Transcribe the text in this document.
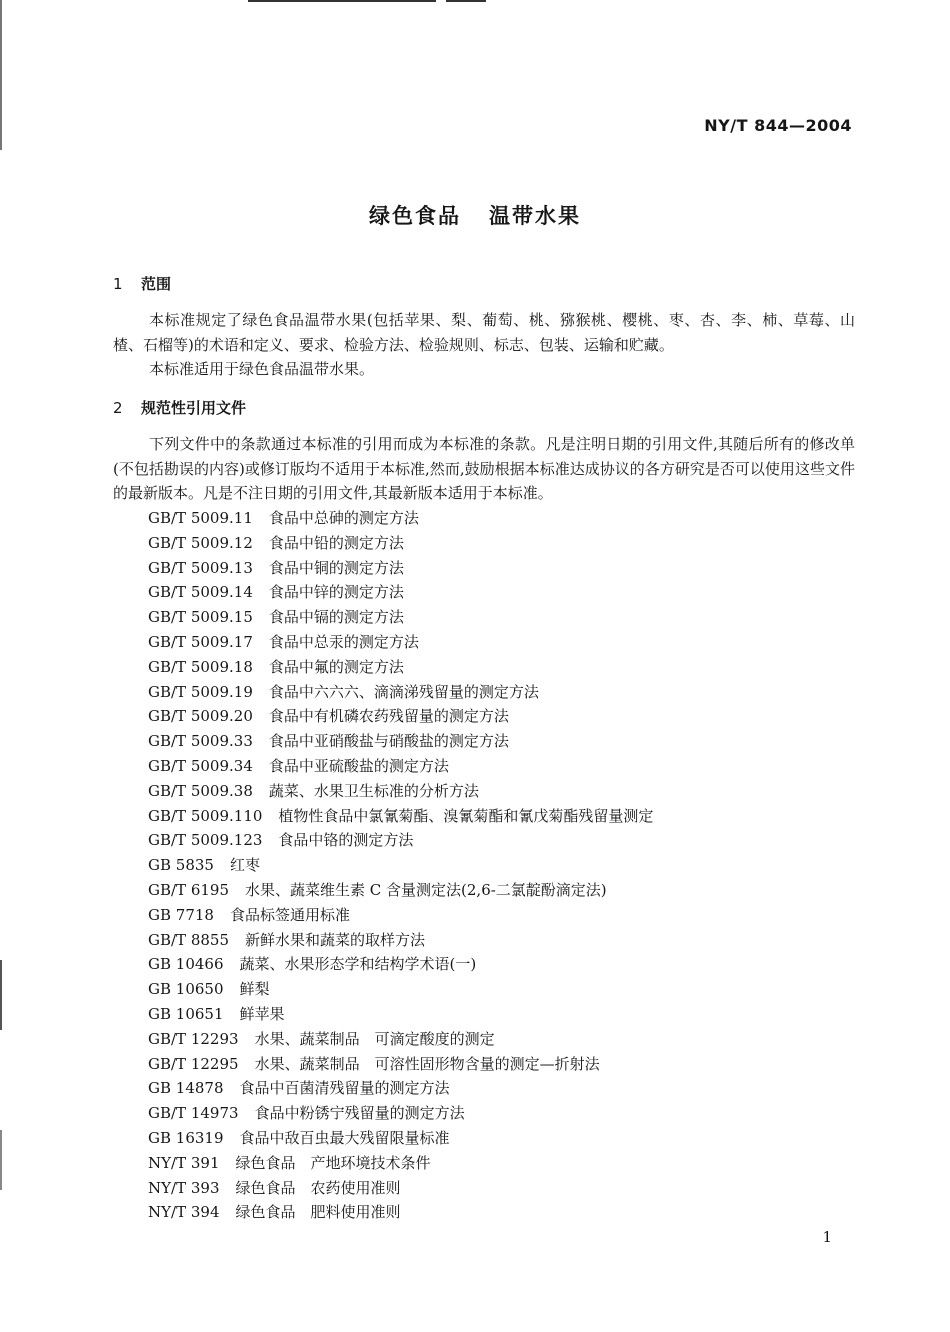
NY/T 844—2004
绿色食品 温带水果
1 范围
本标准规定了绿色食品温带水果(包括苹果、梨、葡萄、桃、猕猴桃、樱桃、枣、杏、李、柿、草莓、山楂、石榴等)的术语和定义、要求、检验方法、检验规则、标志、包装、运输和贮藏。
本标准适用于绿色食品温带水果。
2 规范性引用文件
下列文件中的条款通过本标准的引用而成为本标准的条款。凡是注明日期的引用文件,其随后所有的修改单(不包括勘误的内容)或修订版均不适用于本标准,然而,鼓励根据本标准达成协议的各方研究是否可以使用这些文件的最新版本。凡是不注日期的引用文件,其最新版本适用于本标准。
GB/T 5009.11 食品中总砷的测定方法
GB/T 5009.12 食品中铅的测定方法
GB/T 5009.13 食品中铜的测定方法
GB/T 5009.14 食品中锌的测定方法
GB/T 5009.15 食品中镉的测定方法
GB/T 5009.17 食品中总汞的测定方法
GB/T 5009.18 食品中氟的测定方法
GB/T 5009.19 食品中六六六、滴滴涕残留量的测定方法
GB/T 5009.20 食品中有机磷农药残留量的测定方法
GB/T 5009.33 食品中亚硝酸盐与硝酸盐的测定方法
GB/T 5009.34 食品中亚硫酸盐的测定方法
GB/T 5009.38 蔬菜、水果卫生标准的分析方法
GB/T 5009.110 植物性食品中氯氰菊酯、溴氰菊酯和氰戊菊酯残留量测定
GB/T 5009.123 食品中铬的测定方法
GB 5835 红枣
GB/T 6195 水果、蔬菜维生素 C 含量测定法(2,6-二氯靛酚滴定法)
GB 7718 食品标签通用标准
GB/T 8855 新鲜水果和蔬菜的取样方法
GB 10466 蔬菜、水果形态学和结构学术语(一)
GB 10650 鲜梨
GB 10651 鲜苹果
GB/T 12293 水果、蔬菜制品　可滴定酸度的测定
GB/T 12295 水果、蔬菜制品　可溶性固形物含量的测定—折射法
GB 14878 食品中百菌清残留量的测定方法
GB/T 14973 食品中粉锈宁残留量的测定方法
GB 16319 食品中敌百虫最大残留限量标准
NY/T 391 绿色食品　产地环境技术条件
NY/T 393 绿色食品　农药使用准则
NY/T 394 绿色食品　肥料使用准则
1
